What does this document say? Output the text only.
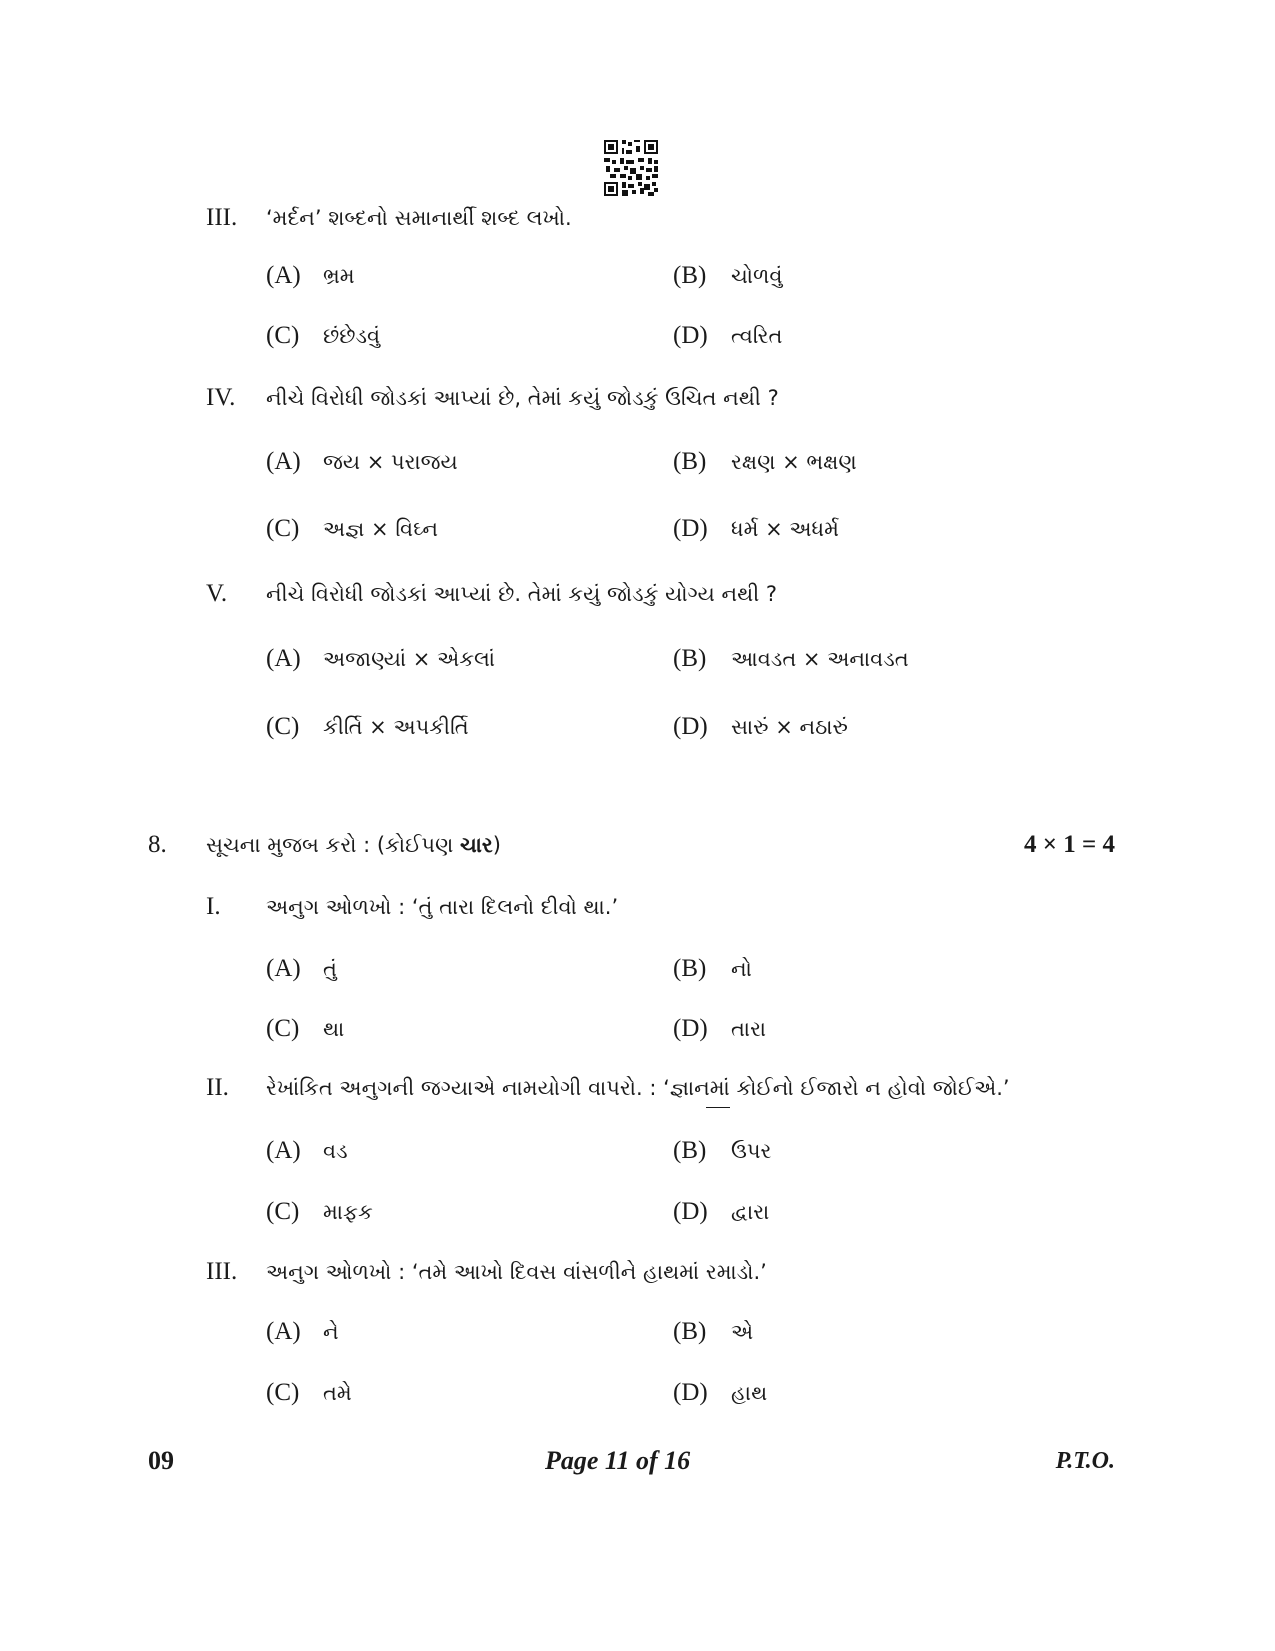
III. ‘મર્દન’ શબ્દનો સમાનાર્થી શબ્દ લખો.
(A) ભ્રમ	(B) ચોળવું
(C) છંછેડવું	(D) ત્વરિત
IV. નીચે વિરોધી જોડકાં આપ્યાં છે, તેમાં કયું જોડકું ઉચિત નથી ?
(A) જય × પરાજય	(B) રક્ષણ × ભક્ષણ
(C) અજ્ઞ × વિઘ્ન	(D) ધર્મ × અધર્મ
V. નીચે વિરોધી જોડકાં આપ્યાં છે. તેમાં કયું જોડકું યોગ્ય નથી ?
(A) અજાણ્યાં × એકલાં	(B) આવડત × અનાવડત
(C) કીર્તિ × અપકીર્તિ	(D) સારું × નઠારું
8. સૂચના મુજબ કરો : (કોઈપણ ચાર)	4 × 1 = 4
I. અનુગ ઓળખો : ‘તું તારા દિલનો દીવો થા.’
(A) તું	(B) નો
(C) થા	(D) તારા
II. રેખાંકિત અનુગની જગ્યાએ નામયોગી વાપરો. : ‘જ્ઞાનમાં કોઈનો ઈજારો ન હોવો જોઈએ.’
(A) વડ	(B) ઉપર
(C) માફક	(D) દ્વારા
III. અનુગ ઓળખો : ‘તમે આખો દિવસ વાંસળીને હાથમાં રમાડો.’
(A) ને	(B) એ
(C) તમે	(D) હાથ
09	Page 11 of 16	P.T.O.
